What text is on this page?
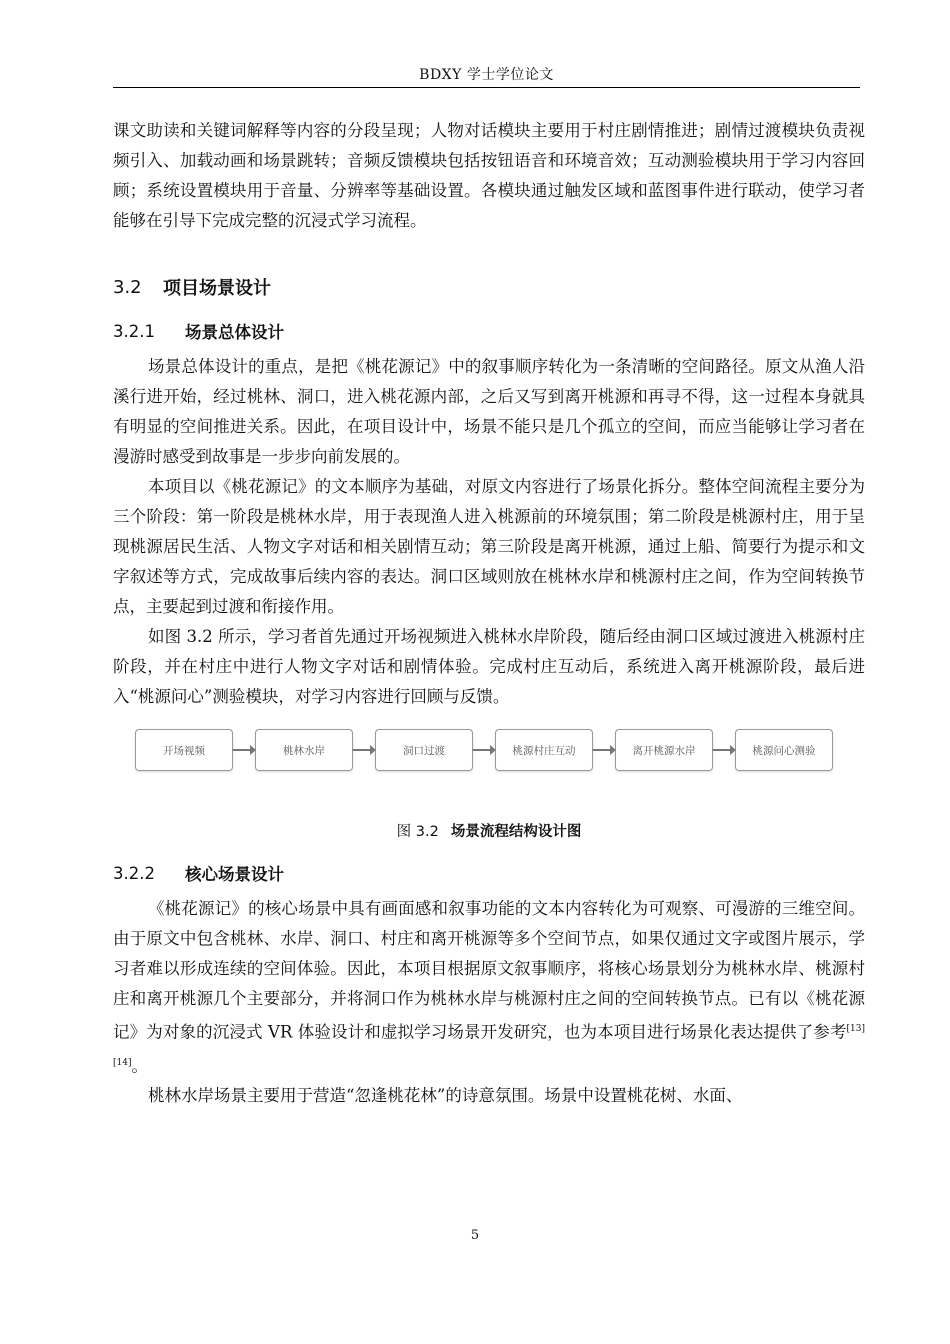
BDXY 学士学位论文

课文助读和关键词解释等内容的分段呈现；人物对话模块主要用于村庄剧情推进；剧情过渡模块负责视频引入、加载动画和场景跳转；音频反馈模块包括按钮语音和环境音效；互动测验模块用于学习内容回顾；系统设置模块用于音量、分辨率等基础设置。各模块通过触发区域和蓝图事件进行联动，使学习者能够在引导下完成完整的沉浸式学习流程。

3.2	项目场景设计
3.2.1	场景总体设计

场景总体设计的重点，是把《桃花源记》中的叙事顺序转化为一条清晰的空间路径。原文从渔人沿溪行进开始，经过桃林、洞口，进入桃花源内部，之后又写到离开桃源和再寻不得，这一过程本身就具有明显的空间推进关系。因此，在项目设计中，场景不能只是几个孤立的空间，而应当能够让学习者在漫游时感受到故事是一步步向前发展的。

本项目以《桃花源记》的文本顺序为基础，对原文内容进行了场景化拆分。整体空间流程主要分为三个阶段：第一阶段是桃林水岸，用于表现渔人进入桃源前的环境氛围；第二阶段是桃源村庄，用于呈现桃源居民生活、人物文字对话和相关剧情互动；第三阶段是离开桃源，通过上船、简要行为提示和文字叙述等方式，完成故事后续内容的表达。洞口区域则放在桃林水岸和桃源村庄之间，作为空间转换节点，主要起到过渡和衔接作用。

如图 3.2 所示，学习者首先通过开场视频进入桃林水岸阶段，随后经由洞口区域过渡进入桃源村庄阶段，并在村庄中进行人物文字对话和剧情体验。完成村庄互动后，系统进入离开桃源阶段，最后进入“桃源问心”测验模块，对学习内容进行回顾与反馈。

开场视频	桃林水岸	洞口过渡	桃源村庄互动	离开桃源水岸	桃源问心测验
图 3.2 场景流程结构设计图
3.2.2	核心场景设计

《桃花源记》的核心场景中具有画面感和叙事功能的文本内容转化为可观察、可漫游的三维空间。由于原文中包含桃林、水岸、洞口、村庄和离开桃源等多个空间节点，如果仅通过文字或图片展示，学习者难以形成连续的空间体验。因此，本项目根据原文叙事顺序，将核心场景划分为桃林水岸、桃源村庄和离开桃源几个主要部分，并将洞口作为桃林水岸与桃源村庄之间的空间转换节点。已有以《桃花源记》为对象的沉浸式 VR 体验设计和虚拟学习场景开发研究，也为本项目进行场景化表达提供了参考[13][14]。

桃林水岸场景主要用于营造“忽逢桃花林”的诗意氛围。场景中设置桃花树、水面、

5
